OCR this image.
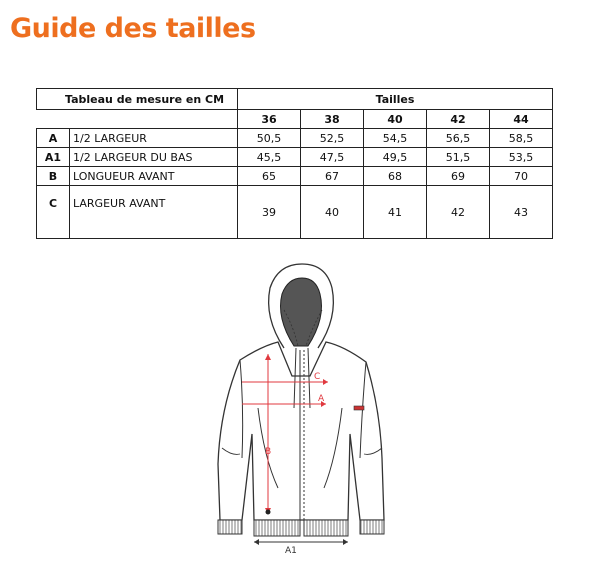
Guide des tailles
Tableau de mesure en CM		Tailles				
		36	38	40	42	44
A	1/2 LARGEUR	50,5	52,5	54,5	56,5	58,5
A1	1/2 LARGEUR DU BAS	45,5	47,5	49,5	51,5	53,5
B	LONGUEUR AVANT	65	67	68	69	70
C	LARGEUR AVANT	39	40	41	42	43
C
A
B
A1
